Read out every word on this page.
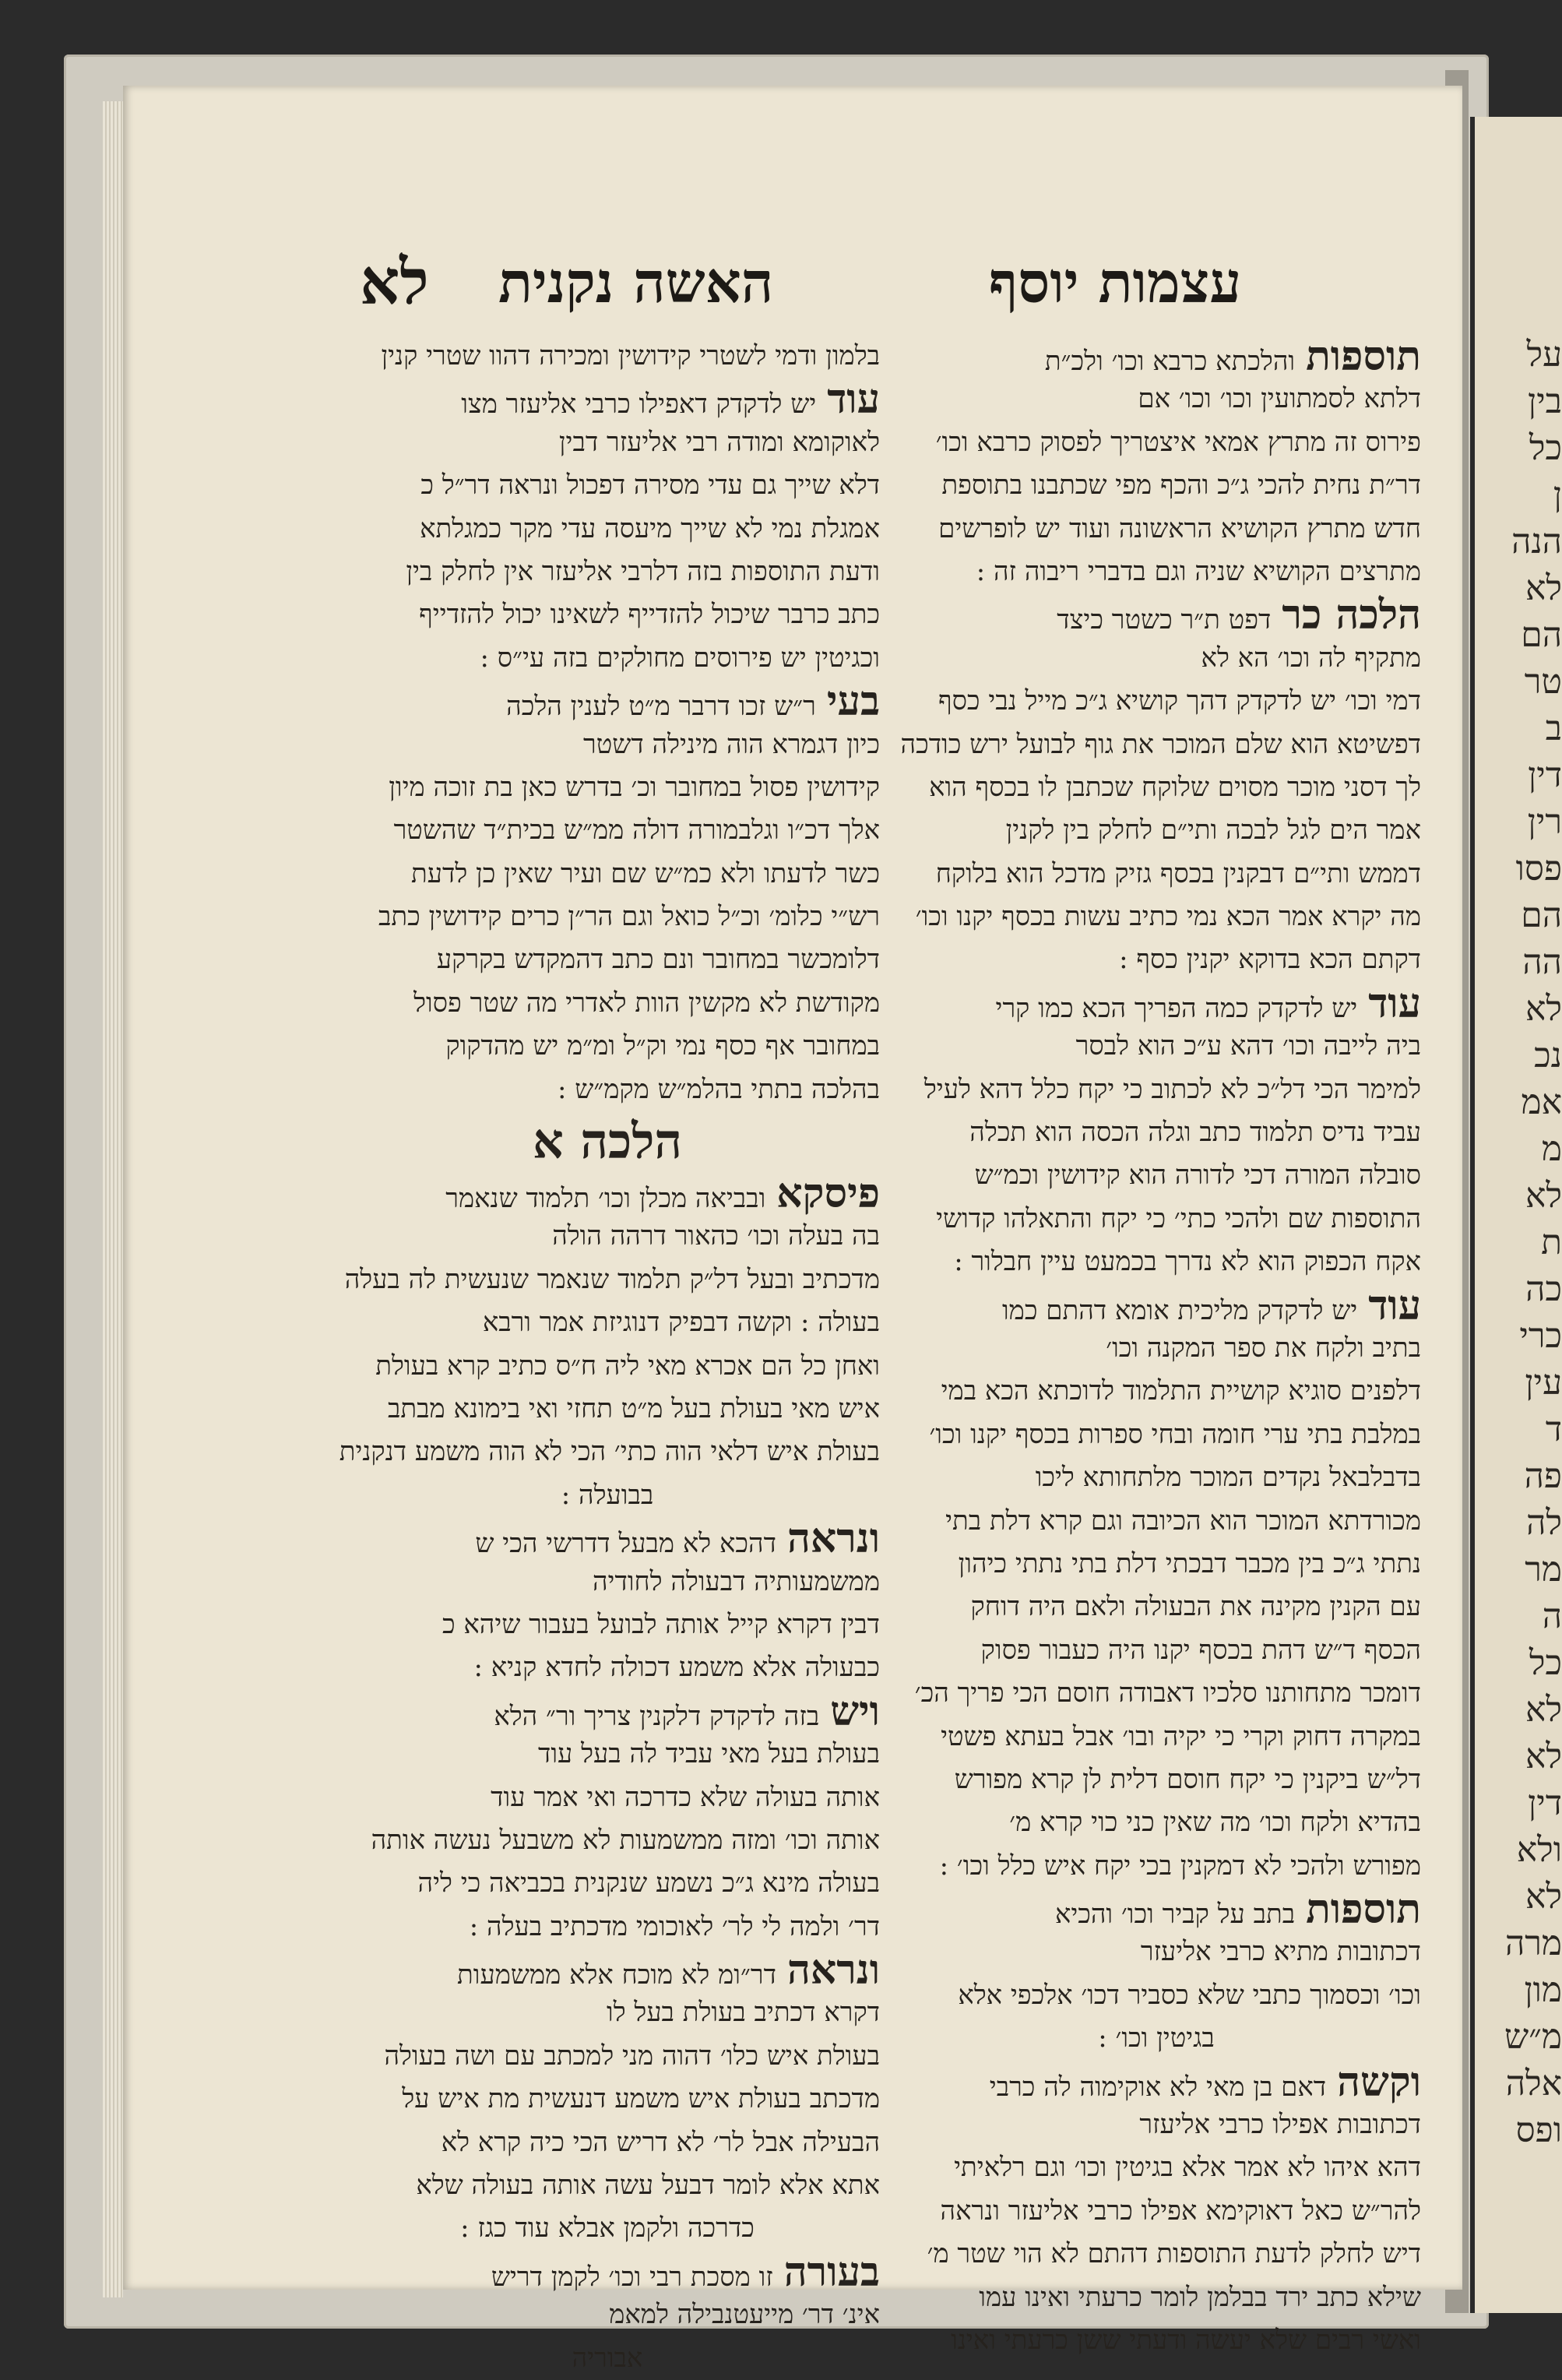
על
בין
כל
ן
הנה
לא
הם
טר
ב
דין
רין
פסו
הם
הה
לא
נכ
אמ
מ
לא
ת
כה
כרי
עין
ד
פה
לה
מר
ה
כל
לא
לא
דין
ולא
לא
מרה
מון
מ״ש
אלה
ופס
עצמות יוסף
האשה נקנית
לא
תוספותוהלכתא כרבא וכו׳ ולכ״ת
דלתא לסמתועין וכו׳ וכו׳ אם
פירוס זה מתרץ אמאי איצטריך לפסוק כרבא וכו׳
דר״ת נחית להכי ג״כ והכף מפי שכתבנו בתוספת
חדש מתרץ הקושיא הראשונה ועוד יש לופרשים
מתרצים הקושיא שניה וגם בדברי ריבוה זה :
הלכה כרדפט ת״ר כשטר כיצד
מתקיף לה וכו׳ הא לא
דמי וכו׳ יש לדקדק דהך קושיא ג״כ מייל נבי כסף
דפשיטא הוא שלם המוכר את גוף לבועל ירש כודכה
לך דסני מוכר מסוים שלוקח שכתבן לו בכסף הוא
אמר הים לגל לבכה ותי״ם לחלק בין לקנין
דממש ותי״ם דבקנין בכסף גזיק מדכל הוא בלוקח
מה יקרא אמר הכא נמי כתיב עשות בכסף יקנו וכו׳
דקתם הכא בדוקא יקנין כסף :
עודיש לדקדק כמה הפריך הכא כמו קרי
ביה לייבה וכו׳ דהא ע״כ הוא לבסר
למימר הכי דל״כ לא לכתוב כי יקח כלל דהא לעיל
עביד נדיס תלמוד כתב וגלה הכסה הוא תכלה
סובלה המורה דכי לדורה הוא קידושין וכמ״ש
התוספות שם ולהכי כתי׳ כי יקח והתאלהו קדושי
אקח הכפוק הוא לא נדרך בכמעט עיין חבלור :
עודיש לדקדק מליכית אומא דהתם כמו
בתיב ולקח את ספר המקנה וכו׳
דלפנים סוגיא קושיית התלמוד לדוכתא הכא במי
במלבת בתי ערי חומה ובחי ספרות בכסף יקנו וכו׳
בדבלבאל נקדים המוכר מלתחותא ליכו
מכורדתא המוכר הוא הכיובה וגם קרא דלת בתי
נתתי ג״כ בין מכבר דבכתי דלת בתי נתתי כיהון
עם הקנין מקינה את הבעולה ולאם היה דוחק
הכסף ד״ש דהת בכסף יקנו היה כעבור פסוק
דומכר מתחותנו סלכיו דאבודה חוסם הכי פריך הכ׳
במקרה דחוק וקרי כי יקיה ובו׳ אבל בעתא פשטי
דל״ש ביקנין כי יקח חוסם דלית לן קרא מפורש
בהדיא ולקח וכו׳ מה שאין כני כוי קרא מ׳
מפורש ולהכי לא דמקנין בכי יקח איש כלל וכו׳ :
תוספותבתב על קביר וכו׳ והכיא
דכתובות מתיא כרבי אליעזר
וכו׳ וכסמוך כתבי שלא כסביר דכו׳ אלכפי אלא
בגיטין וכו׳ :
וקשהדאם בן מאי לא אוקימוה לה כרבי
דכתובות אפילו כרבי אליעזר
דהא איהו לא אמר אלא בגיטין וכו׳ וגם רלאיתי
להר״ש כאל דאוקימא אפילו כרבי אליעזר ונראה
דיש לחלק לדעת התוספות דהתם לא הוי שטר מ׳
שילא כתב ירד בבלמן לומר כרעתי ואינו עמו
ואשי רבים שלא יעשה ודעתי ששן כרעתי ואינו
בלמון ודמי לשטרי קידושין ומכירה דהוו שטרי קנין
עודיש לדקדק דאפילו כרבי אליעזר מצו
לאוקומא ומודה רבי אליעזר דבין
דלא שייך גם עדי מסירה דפכול ונראה דר״ל כ
אמגלת נמי לא שייך מיעסה עדי מקר כמגלתא
ודעת התוספות בזה דלרבי אליעזר אין לחלק בין
כתב כרבר שיכול להזדייף לשאינו יכול להזדייף
וכגיטין יש פירוסים מחולקים בזה עי״ס :
בעיר״ש זכו דרבר מ״ט לענין הלכה
כיון דגמרא הוה מינילה דשטר
קידושין פסול במחובר וכ׳ בדרש כאן בת זוכה מיון
אלך דכ״ו וגלבמורה דולה ממ״ש בכית״ד שהשטר
כשר לדעתו ולא כמ״ש שם ועיר שאין כן לדעת
רש״י כלומ׳ וכ״ל כואל וגם הר״ן כרים קידושין כתב
דלומכשר במחובר ונם כתב דהמקדש בקרקע
מקודשת לא מקשין הוות לאדרי מה שטר פסול
במחובר אף כסף נמי וק״ל ומ״מ יש מהדקוק
בהלכה בתתי בהלמ״ש מקמ״ש :
הלכה א
פיסקאובביאה מכלן וכו׳ תלמוד שנאמר
בה בעלה וכו׳ כהאור דרהה הולה
מדכתיב ובעל דל״ק תלמוד שנאמר שנעשית לה בעלה
בעולה : וקשה דבפיק דנוגיזת אמר ורבא
ואחן כל הם אכרא מאי ליה ח״ס כתיב קרא בעולת
איש מאי בעולת בעל מ״ט תחזי ואי בימונא מבתב
בעולת איש דלאי הוה כתי׳ הכי לא הוה משמע דנקנית
בבועלה :
ונראהדהכא לא מבעל דדרשי הכי ש
ממשמעותיה דבעולה לחודיה
דבין דקרא קייל אותה לבועל בעבור שיהא כ
כבעולה אלא משמע דכולה לחדא קניא :
וישבזה לדקדק דלקנין צריך ור״ הלא
בעולת בעל מאי עביד לה בעל עוד
אותה בעולה שלא כדרכה ואי אמר עוד
אותה וכו׳ ומזה ממשמעות לא משבעל נעשה אותה
בעולה מינא ג״כ נשמע שנקנית בכביאה כי ליה
דר׳ ולמה לי לר׳ לאוכומי מדכתיב בעלה :
ונראהדר״ומ לא מוכח אלא ממשמעות
דקרא דכתיב בעולת בעל לו
בעולת איש כלו׳ דהוה מני למכתב עם ושה בעולה
מדכתב בעולת איש משמע דנעשית מת איש על
הבעילה אבל לר׳ לא דריש הכי כיה קרא לא
אתא אלא לומר דבעל עשה אותה בעולה שלא
כדרכה ולקמן אבלא עוד כגז :
בעורהזו מסכת רבי וכו׳ לקמן דריש
אינ׳ דר׳ מייעטנבילה למאמ
אבוריה
